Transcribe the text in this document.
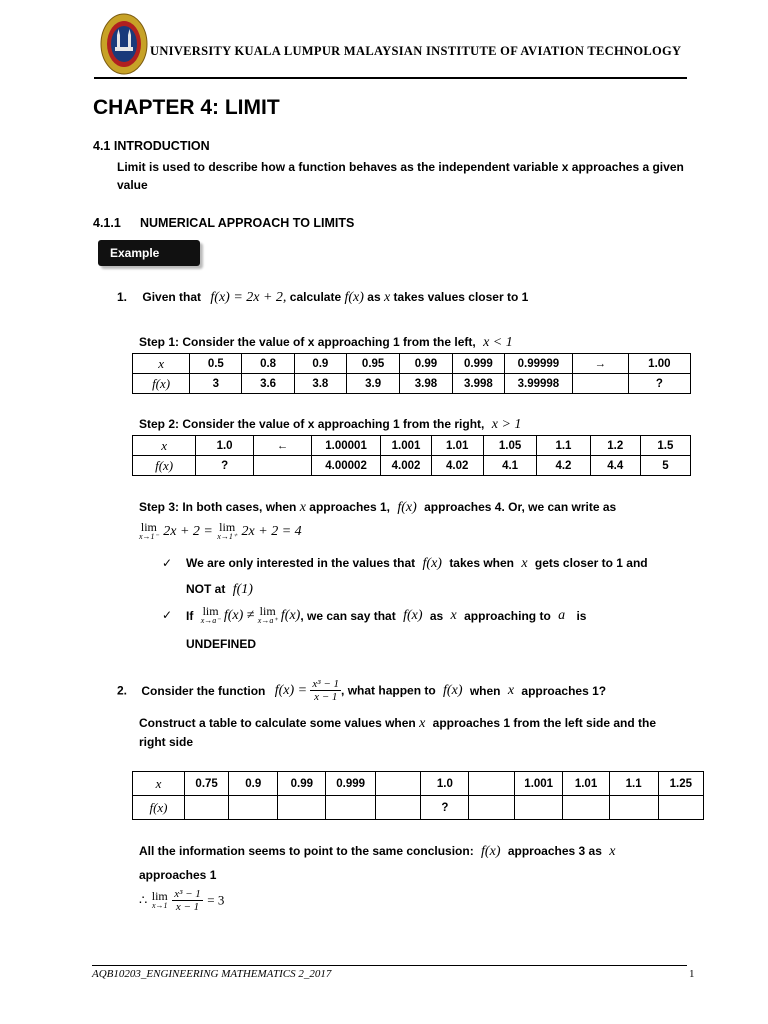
UNIVERSITY KUALA LUMPUR MALAYSIAN INSTITUTE OF AVIATION TECHNOLOGY
CHAPTER 4: LIMIT
4.1 INTRODUCTION
Limit is used to describe how a function behaves as the independent variable x approaches a given value
4.1.1 NUMERICAL APPROACH TO LIMITS
Example
1. Given that f(x) = 2x + 2, calculate f(x) as x takes values closer to 1
Step 1: Consider the value of x approaching 1 from the left, x < 1
x	0.5	0.8	0.9	0.95	0.99	0.999	0.99999	→	1.00
f(x)	3	3.6	3.8	3.9	3.98	3.998	3.99998		?
Step 2: Consider the value of x approaching 1 from the right, x > 1
x	1.0	←	1.00001	1.001	1.01	1.05	1.1	1.2	1.5
f(x)	?		4.00002	4.002	4.02	4.1	4.2	4.4	5
Step 3: In both cases, when x approaches 1, f(x) approaches 4. Or, we can write as
lim
x→1⁻ 2x + 2 = lim
x→1⁺ 2x + 2 = 4
✓ We are only interested in the values that f(x) takes when x gets closer to 1 and
NOT at f(1)
✓ If lim
x→a⁻ f(x) ≠ lim
x→a⁺ f(x), we can say that f(x) as x approaching to a is
UNDEFINED
2. Consider the function $f(x) = \frac{\text{x³ − 1}}{x - 1}$ , what happen to f(x) when x approaches 1?
Construct a table to calculate some values when x approaches 1 from the left side and the
right side
x	0.75	0.9	0.99	0.999		1.0		1.001	1.01	1.1	1.25
f(x)						?					
All the information seems to point to the same conclusion: f(x) approaches 3 as x
approaches 1
∴ lim
x→1
$\frac{\text{x³ − 1}}{x - 1} = 3$
AQB10203_ENGINEERING MATHEMATICS 2_2017	1
